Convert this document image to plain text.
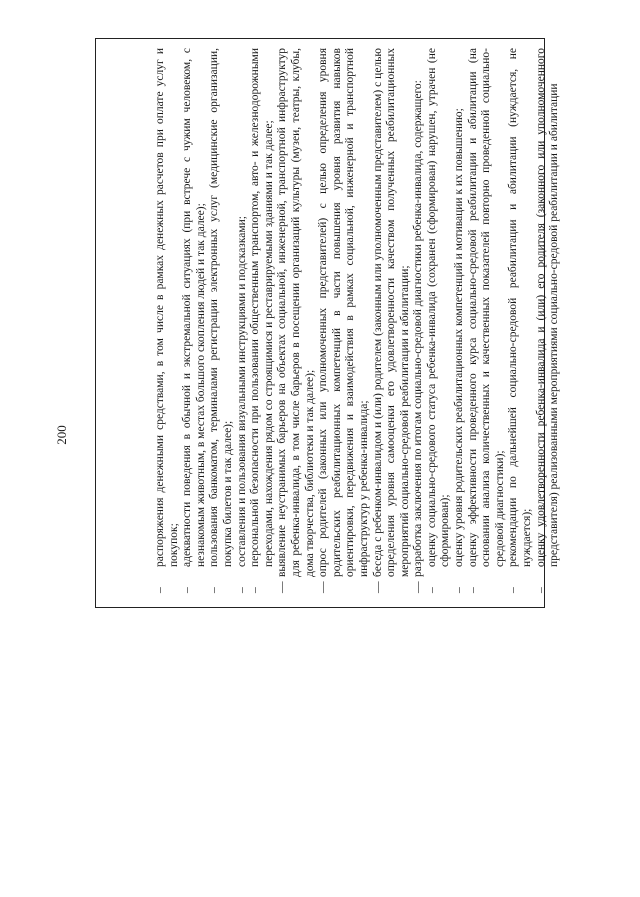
–
распоряжения денежными средствами, в том числе в рамках денежных расчетов при оплате услуг и покупок;
–
адекватности поведения в обычной и экстремальной ситуациях (при встрече с чужим человеком, с незнакомым животным, в местах большого скопления людей и так далее);
–
пользования банкоматом, терминалами регистрации электронных услуг (медицинские организации, покупка билетов и так далее);
–
составления и пользования визуальными инструкциями и подсказками;
–
персональной безопасности при пользовании общественным транспортом, авто- и железнодорожными переходами, нахождения рядом со строящимися и реставрируемыми зданиями и так далее;
—
выявление неустранимых барьеров на объектах социальной, инженерной, транспортной инфраструктур для ребенка-инвалида, в том числе барьеров в посещении организаций культуры (музеи, театры, клубы, дома творчества, библиотеки и так далее);
—
опрос родителей (законных или уполномоченных представителей) с целью определения уровня родительских реабилитационных компетенций в части повышения уровня развития навыков ориентировки, передвижения и взаимодействия в рамках социальной, инженерной и транспортной инфраструктур у ребенка-инвалида;
—
беседа с ребенком-инвалидом и (или) родителем (законным или уполномоченным представителем) с целью определения уровня самооценки его удовлетворенности качеством полученных реабилитационных мероприятий социально-средовой реабилитации и абилитации;
—
разработка заключения по итогам социально-средовой диагностики ребенка-инвалида, содержащего:
–
оценку социально-средового статуса ребенка-инвалида (сохранен (сформирован) нарушен, утрачен (не сформирован);
–
оценку уровня родительских реабилитационных компетенций и мотивации к их повышению;
–
оценку эффективности проведенного курса социально-средовой реабилитации и абилитации (на основании анализа количественных и качественных показателей повторно проведенной социально-средовой диагностики);
–
рекомендации по дальнейшей социально-средовой реабилитации и абилитации (нуждается, не нуждается);
–
оценку удовлетворенности ребенка-инвалида и (или) его родителя (законного или уполномоченного представителя) реализованными мероприятиями социально-средовой реабилитации и абилитации
200
